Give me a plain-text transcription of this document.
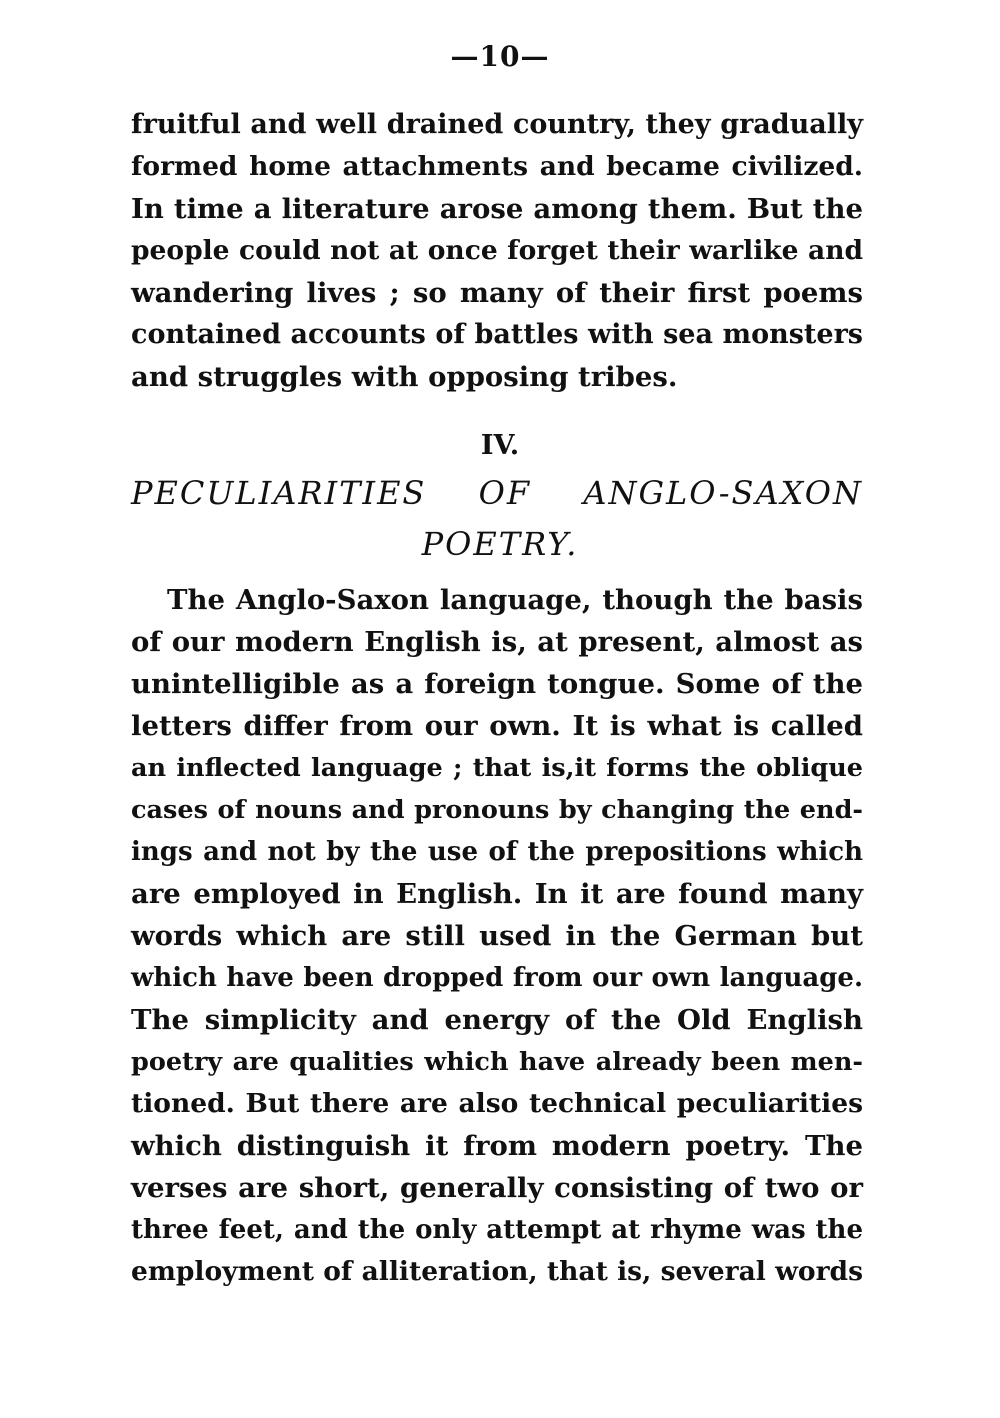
—10—
fruitful and well drained country, they gradually
formed home attachments and became civilized.
In time a literature arose among them. But the
people could not at once forget their warlike and
wandering lives ; so many of their first poems
contained accounts of battles with sea monsters
and struggles with opposing tribes.
IV.
PECULIARITIES OF ANGLO-SAXON
POETRY.
The Anglo-Saxon language, though the basis
of our modern English is, at present, almost as
unintelligible as a foreign tongue. Some of the
letters differ from our own. It is what is called
an inflected language ; that is,it forms the oblique
cases of nouns and pronouns by changing the end-
ings and not by the use of the prepositions which
are employed in English. In it are found many
words which are still used in the German but
which have been dropped from our own language.
The simplicity and energy of the Old English
poetry are qualities which have already been men-
tioned. But there are also technical peculiarities
which distinguish it from modern poetry. The
verses are short, generally consisting of two or
three feet, and the only attempt at rhyme was the
employment of alliteration, that is, several words
